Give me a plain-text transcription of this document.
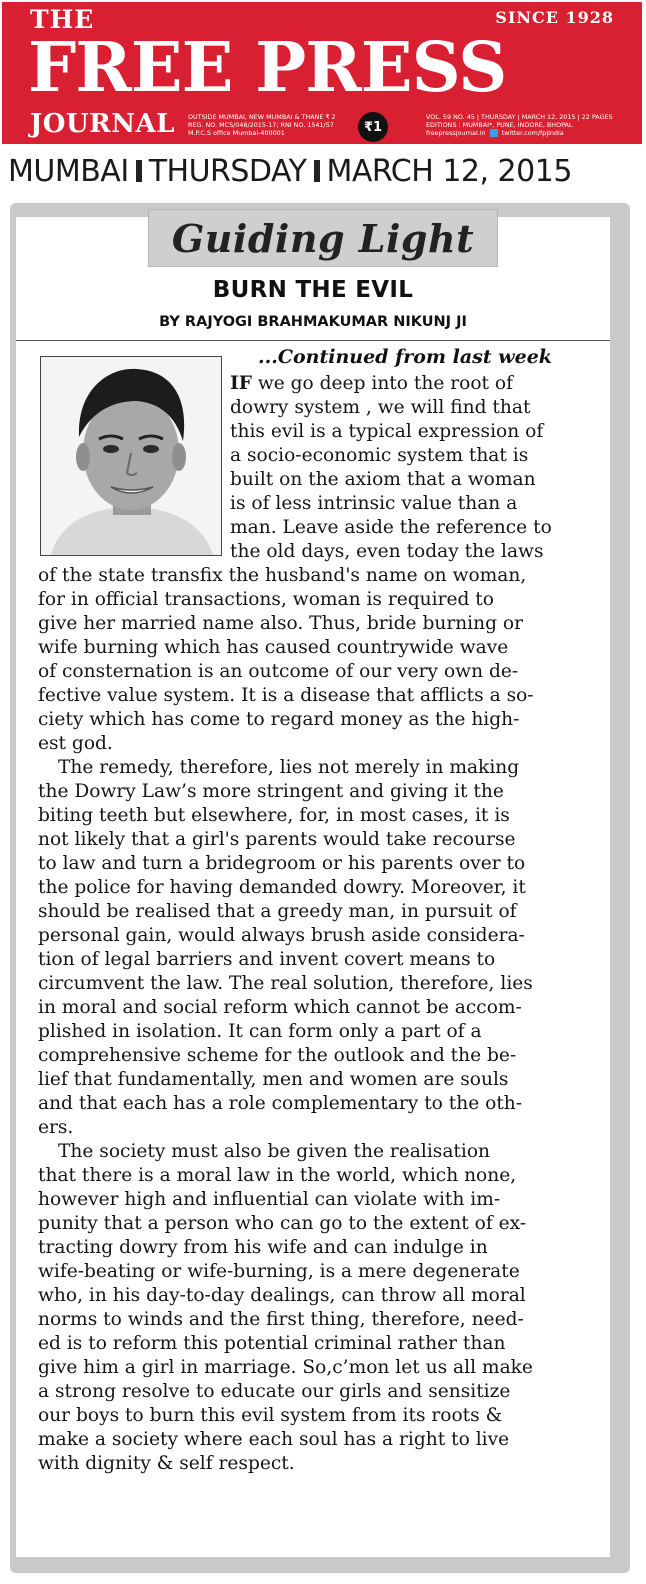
THE	SINCE 1928
FREE PRESS
JOURNAL OUTSIDE MUMBAI, NEW MUMBAI & THANE ₹ 2
REG. NO. MCS/048/2015-17; RNI NO. 1541/57
M.P.C.S office Mumbai-400001	₹1
VOL. 59 NO. 45 | THURSDAY | MARCH 12, 2015 | 22 PAGES
EDITIONS : MUMBAI*, PUNE, INDORE, BHOPAL
freepressjournal.in	twitter.com/fpjindia
MUMBAI THURSDAY MARCH 12, 2015
Guiding Light
BURN THE EVIL
BY RAJYOGI BRAHMAKUMAR NIKUNJ JI
...Continued from last week
IF we go deep into the root of
dowry system , we will find that
this evil is a typical expression of
a socio-economic system that is
built on the axiom that a woman
is of less intrinsic value than a
man. Leave aside the reference to
the old days, even today the laws
of the state transfix the husband's name on woman,
for in official transactions, woman is required to
give her married name also. Thus, bride burning or
wife burning which has caused countrywide wave
of consternation is an outcome of our very own de-
fective value system. It is a disease that afflicts a so-
ciety which has come to regard money as the high-
est god.
The remedy, therefore, lies not merely in making
the Dowry Law’s more stringent and giving it the
biting teeth but elsewhere, for, in most cases, it is
not likely that a girl's parents would take recourse
to law and turn a bridegroom or his parents over to
the police for having demanded dowry. Moreover, it
should be realised that a greedy man, in pursuit of
personal gain, would always brush aside considera-
tion of legal barriers and invent covert means to
circumvent the law. The real solution, therefore, lies
in moral and social reform which cannot be accom-
plished in isolation. It can form only a part of a
comprehensive scheme for the outlook and the be-
lief that fundamentally, men and women are souls
and that each has a role complementary to the oth-
ers.
The society must also be given the realisation
that there is a moral law in the world, which none,
however high and influential can violate with im-
punity that a person who can go to the extent of ex-
tracting dowry from his wife and can indulge in
wife-beating or wife-burning, is a mere degenerate
who, in his day-to-day dealings, can throw all moral
norms to winds and the first thing, therefore, need-
ed is to reform this potential criminal rather than
give him a girl in marriage. So,c’mon let us all make
a strong resolve to educate our girls and sensitize
our boys to burn this evil system from its roots &
make a society where each soul has a right to live
with dignity & self respect.
